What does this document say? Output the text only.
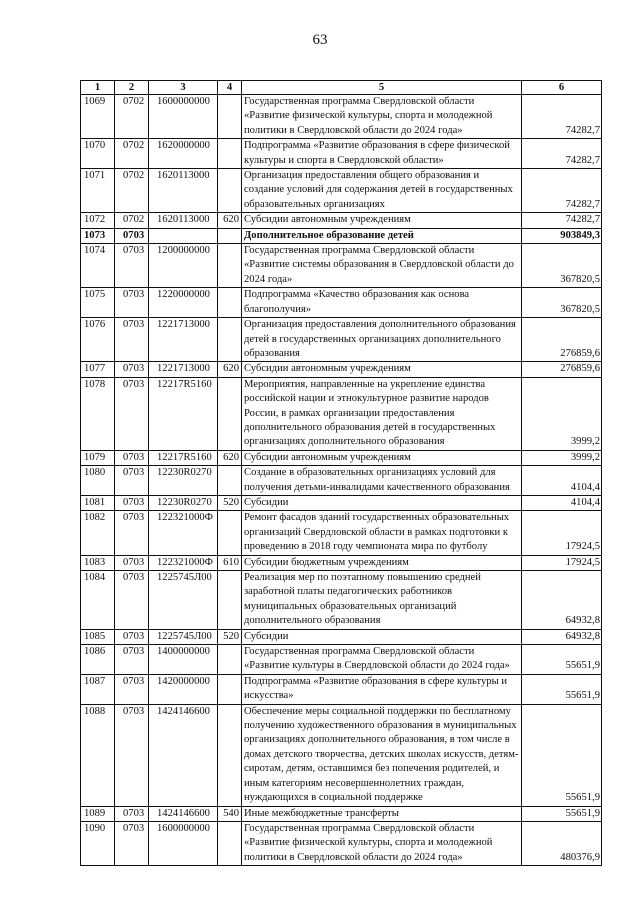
63
1	2	3	4	5	6
1069	0702	1600000000		Государственная программа Свердловской области «Развитие физической культуры, спорта и молодежной политики в Свердловской области до 2024 года»	74282,7
1070	0702	1620000000		Подпрограмма «Развитие образования в сфере физической культуры и спорта в Свердловской области»	74282,7
1071	0702	1620113000		Организация предоставления общего образования и создание условий для содержания детей в государственных образовательных организациях	74282,7
1072	0702	1620113000	620	Субсидии автономным учреждениям	74282,7
1073	0703			Дополнительное образование детей	903849,3
1074	0703	1200000000		Государственная программа Свердловской области «Развитие системы образования в Свердловской области до 2024 года»	367820,5
1075	0703	1220000000		Подпрограмма «Качество образования как основа благополучия»	367820,5
1076	0703	1221713000		Организация предоставления дополнительного образования детей в государственных организациях дополнительного образования	276859,6
1077	0703	1221713000	620	Субсидии автономным учреждениям	276859,6
1078	0703	12217R5160		Мероприятия, направленные на укрепление единства российской нации и этнокультурное развитие народов России, в рамках организации предоставления дополнительного образования детей в государственных организациях дополнительного образования	3999,2
1079	0703	12217R5160	620	Субсидии автономным учреждениям	3999,2
1080	0703	12230R0270		Создание в образовательных организациях условий для получения детьми-инвалидами качественного образования	4104,4
1081	0703	12230R0270	520	Субсидии	4104,4
1082	0703	122321000Ф		Ремонт фасадов зданий государственных образовательных организаций Свердловской области в рамках подготовки к проведению в 2018 году чемпионата мира по футболу	17924,5
1083	0703	122321000Ф	610	Субсидии бюджетным учреждениям	17924,5
1084	0703	1225745Л00		Реализация мер по поэтапному повышению средней заработной платы педагогических работников муниципальных образовательных организаций дополнительного образования	64932,8
1085	0703	1225745Л00	520	Субсидии	64932,8
1086	0703	1400000000		Государственная программа Свердловской области «Развитие культуры в Свердловской области до 2024 года»	55651,9
1087	0703	1420000000		Подпрограмма «Развитие образования в сфере культуры и искусства»	55651,9
1088	0703	1424146600		Обеспечение меры социальной поддержки по бесплатному получению художественного образования в муниципальных организациях дополнительного образования, в том числе в домах детского творчества, детских школах искусств, детям-сиротам, детям, оставшимся без попечения родителей, и иным категориям несовершеннолетних граждан, нуждающихся в социальной поддержке	55651,9
1089	0703	1424146600	540	Иные межбюджетные трансферты	55651,9
1090	0703	1600000000		Государственная программа Свердловской области «Развитие физической культуры, спорта и молодежной политики в Свердловской области до 2024 года»	480376,9
